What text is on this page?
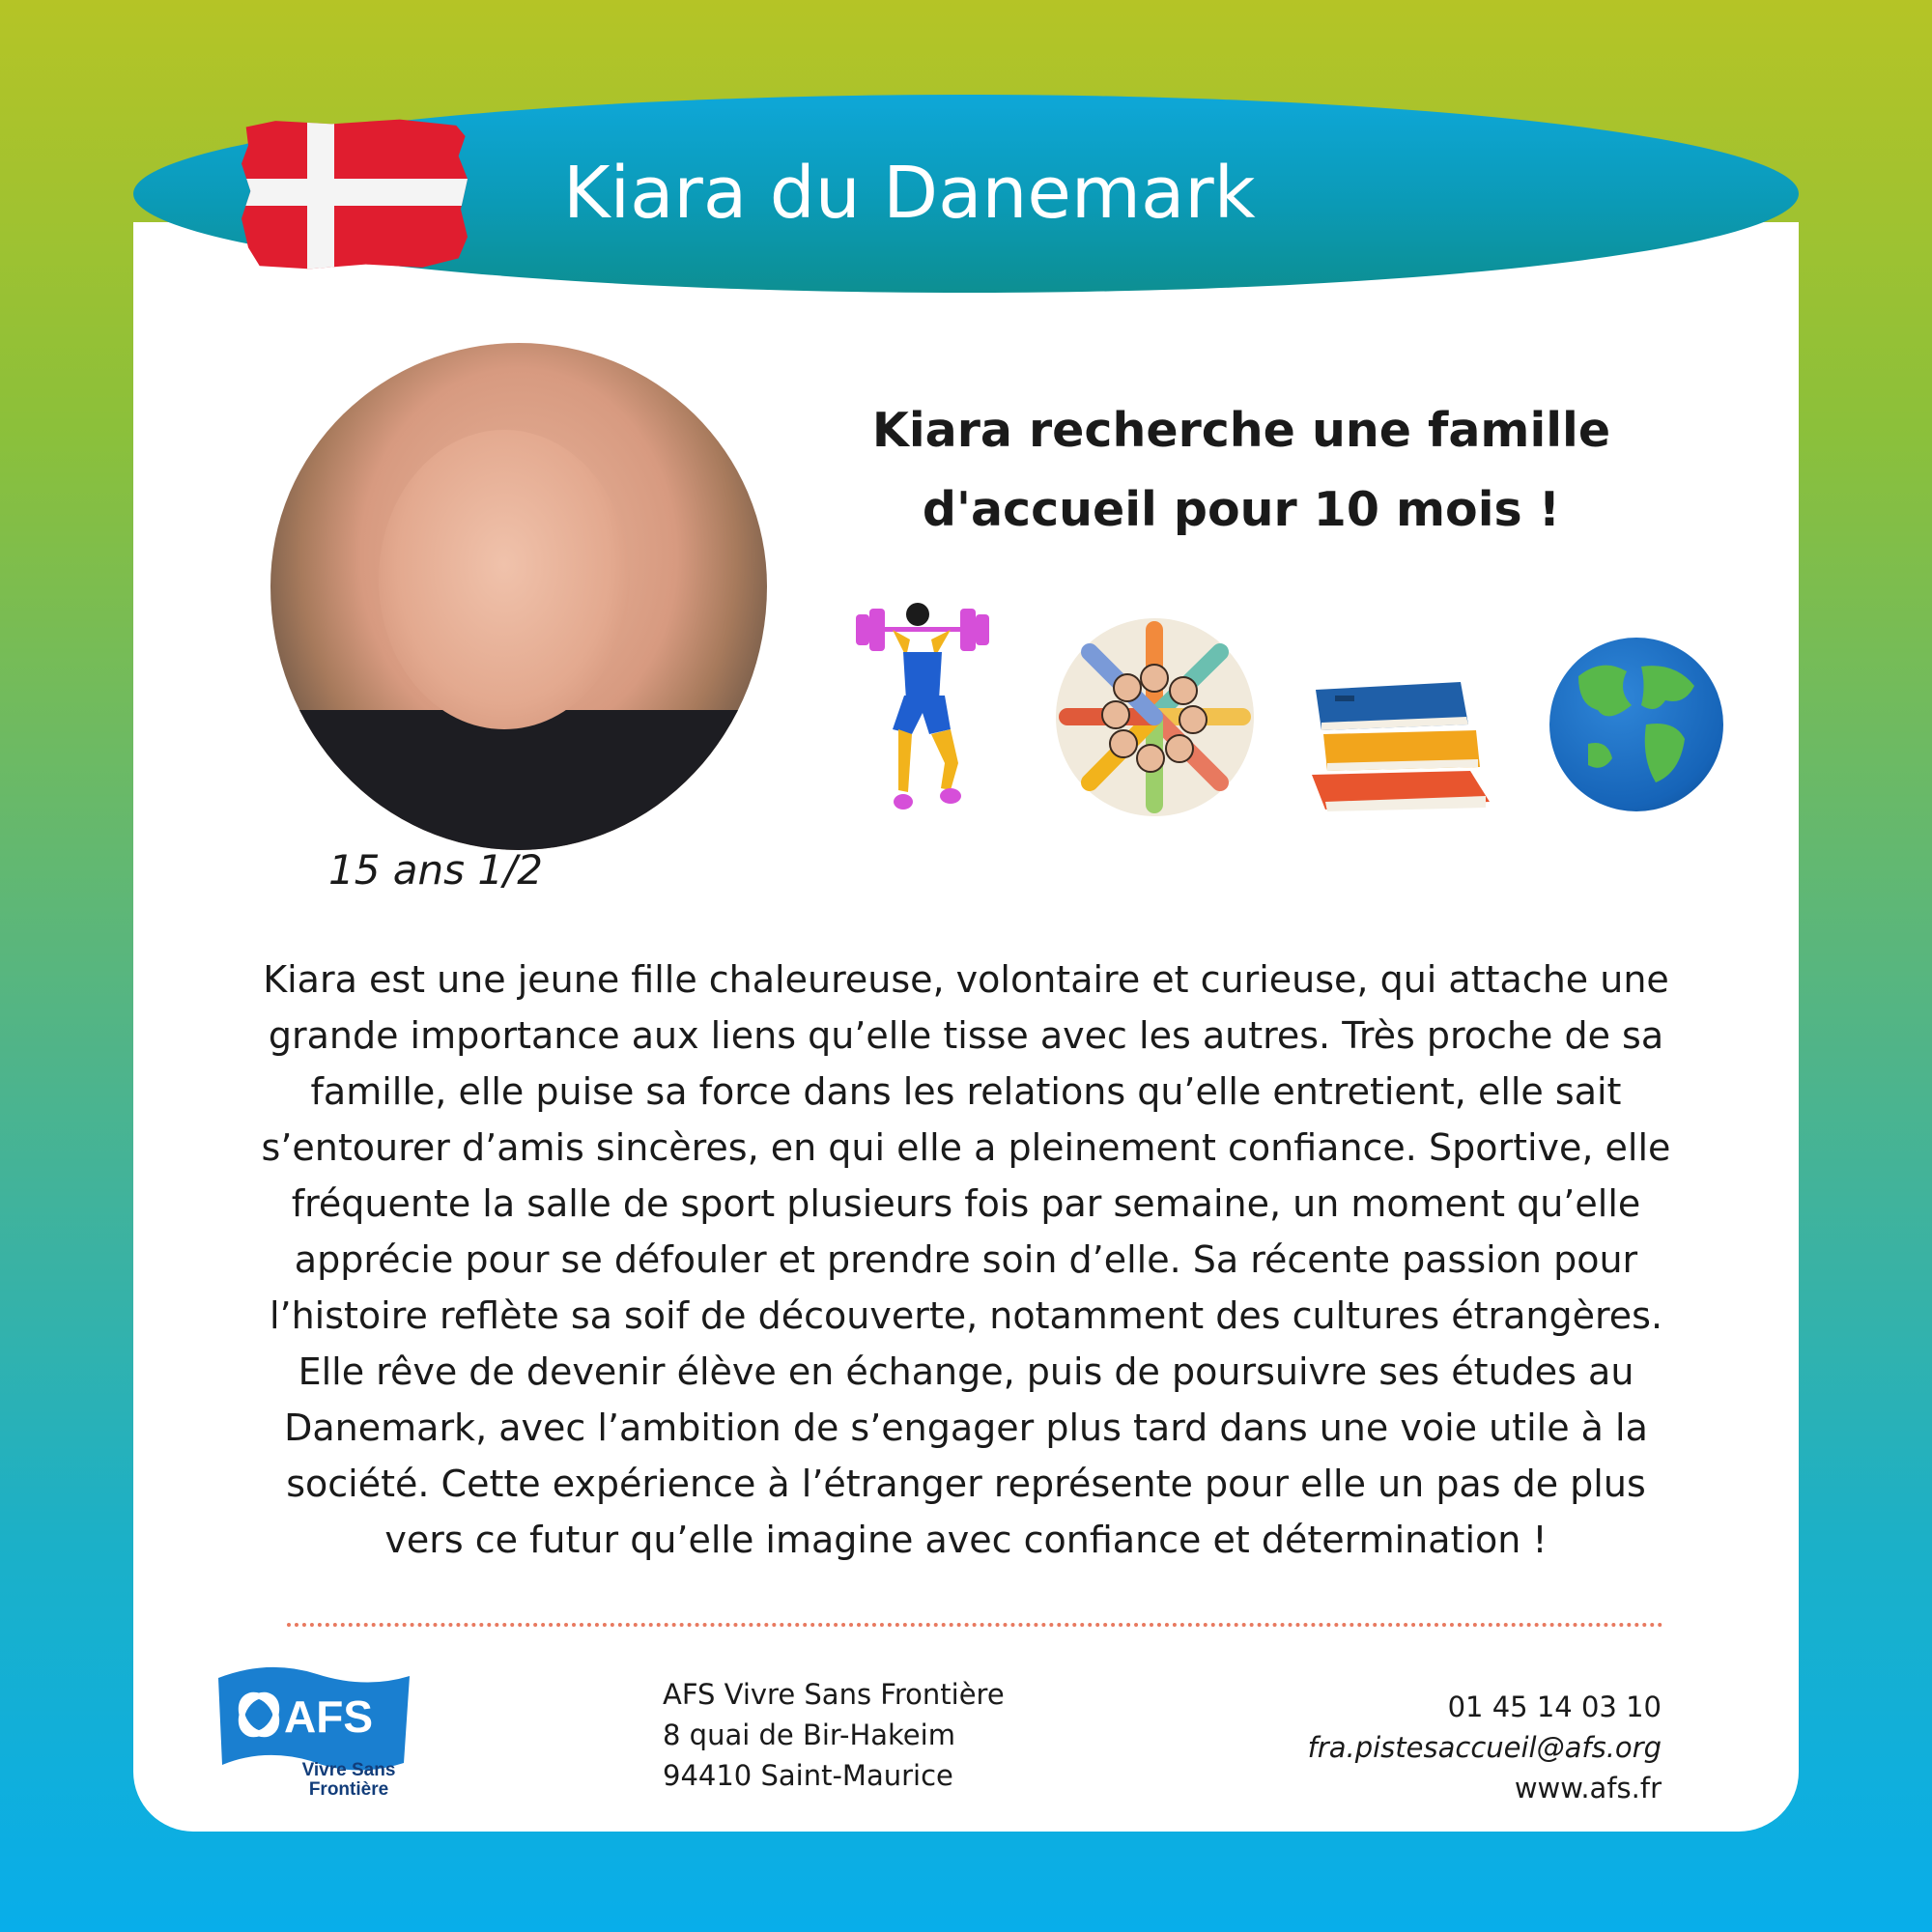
Kiara du Danemark
15 ans 1/2
Kiara recherche une famille
d'accueil pour 10 mois !

Kiara est une jeune fille chaleureuse, volontaire et curieuse, qui attache une
grande importance aux liens qu’elle tisse avec les autres. Très proche de sa
famille, elle puise sa force dans les relations qu’elle entretient, elle sait
s’entourer d’amis sincères, en qui elle a pleinement confiance. Sportive, elle
fréquente la salle de sport plusieurs fois par semaine, un moment qu’elle
apprécie pour se défouler et prendre soin d’elle. Sa récente passion pour
l’histoire reflète sa soif de découverte, notamment des cultures étrangères.
Elle rêve de devenir élève en échange, puis de poursuivre ses études au
Danemark, avec l’ambition de s’engager plus tard dans une voie utile à la
société. Cette expérience à l’étranger représente pour elle un pas de plus
vers ce futur qu’elle imagine avec confiance et détermination !

AFS
Vivre Sans
Frontière
AFS Vivre Sans Frontière
8 quai de Bir-Hakeim
94410 Saint-Maurice
01 45 14 03 10
fra.pistesaccueil@afs.org
www.afs.fr
